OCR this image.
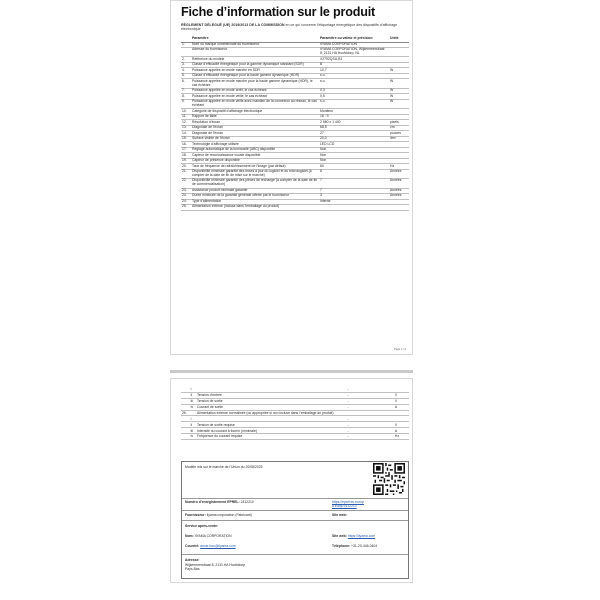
Fiche d’information sur le produit
RÈGLEMENT DÉLÉGUÉ (UE) 2019/2013 DE LA COMMISSION en ce qui concerne l’étiquetage énergétique des dispositifs d’affichage électronique
	Paramètre	Paramètre ou valeur et précision	Unité
1.	Nom ou marque commerciale du fournisseur.	IIYAMA CORPORATION	
	Adresse du fournisseur.	IIYAMA CORPORATION, Wijkermeerstraat 8, 2131 HA Hoofddorp, NL	
2.	Référence du modèle	X2792QSU-B1	
3.	Classe d’efficacité énergétique pour la gamme dynamique standard (SDR)	B	
4.	Puissance appelée en mode marche en SDR	10,7	W
5.	Classe d’efficacité énergétique pour la haute gamme dynamique (HDR)	s.o.	
6.	Puissance appelée en mode marche pour la haute gamme dynamique (HDR), le cas échéant	s.o.	W
7.	Puissance appelée en mode arrêt, le cas échéant	0,3	W
8.	Puissance appelée en mode veille, le cas échéant	0,5	W
9.	Puissance appelée en mode veille avec maintien de la connexion au réseau, le cas échéant	s.o.	W
10.	Catégorie de dispositif d’affichage électronique	Moniteur	
11.	Rapport de taille	16 : 9	
12.	Résolution d’écran	2 560 x 1 440	pixels
13.	Diagonale de l’écran	68,5	cm
14.	Diagonale de l’écran	27	pouces
15.	Surface visible de l’écran	20,0	dm²
16.	Technologie d’affichage utilisée	LED LCD	
17.	Réglage automatique de la luminosité (ABC) disponible	Non	
18.	Capteur de reconnaissance vocale disponible	Non	
19.	Capteur de présence disponible	Non	
20.	Taux de fréquence de rafraîchissement de l’image (par défaut)	60	Hz
21.	Disponibilité minimale garantie des mises à jour du logiciel et du micrologiciel (à compter de la date de fin de mise sur le marché)	8	Années
22.	Disponibilité minimale garantie des pièces de rechange (à compter de la date de fin de commercialisation)	7	Années
23.	Assistance produit minimale garantie	7	Années
24.	Durée minimale de la garantie générale offerte par le fournisseur	3	Années
24.	Type d’alimentation	Interne	
25.	Alimentation externe (incluse dans l’emballage du produit)		
Page 1 / 2
	i		-	
	ii	Tension d’entrée	-	V
	iii	Tension de sortie	-	V
	iv	Courant de sortie	-	A
26.		Alimentation externe normalisée (ou appropriée si non incluse dans l’emballage du produit)		
	i		-	
	ii	Tension de sortie requise	-	V
	iii	Intensité du courant à fournir (minimale)	-	A
	iv	Fréquence du courant requise	-	Hz
Modèle mis sur le marché de l’Union du 20/08/2025
Numéro d’enregistrement EPREL: 2412210	https://eprel.ec.europa.eu/qr/2412210
Fournisseur: iiyama corporation (Fabricant)	Site web:
Service après-vente:
Nom: IIYAMA CORPORATION	Site web: https://iiyama.com
Courriel: annie.hou@iiyama.com	Téléphone: +31-20-446-0404
Adresse:
Wijkermeerstraat 8, 2131 HA Hoofddorp Pays-Bas
